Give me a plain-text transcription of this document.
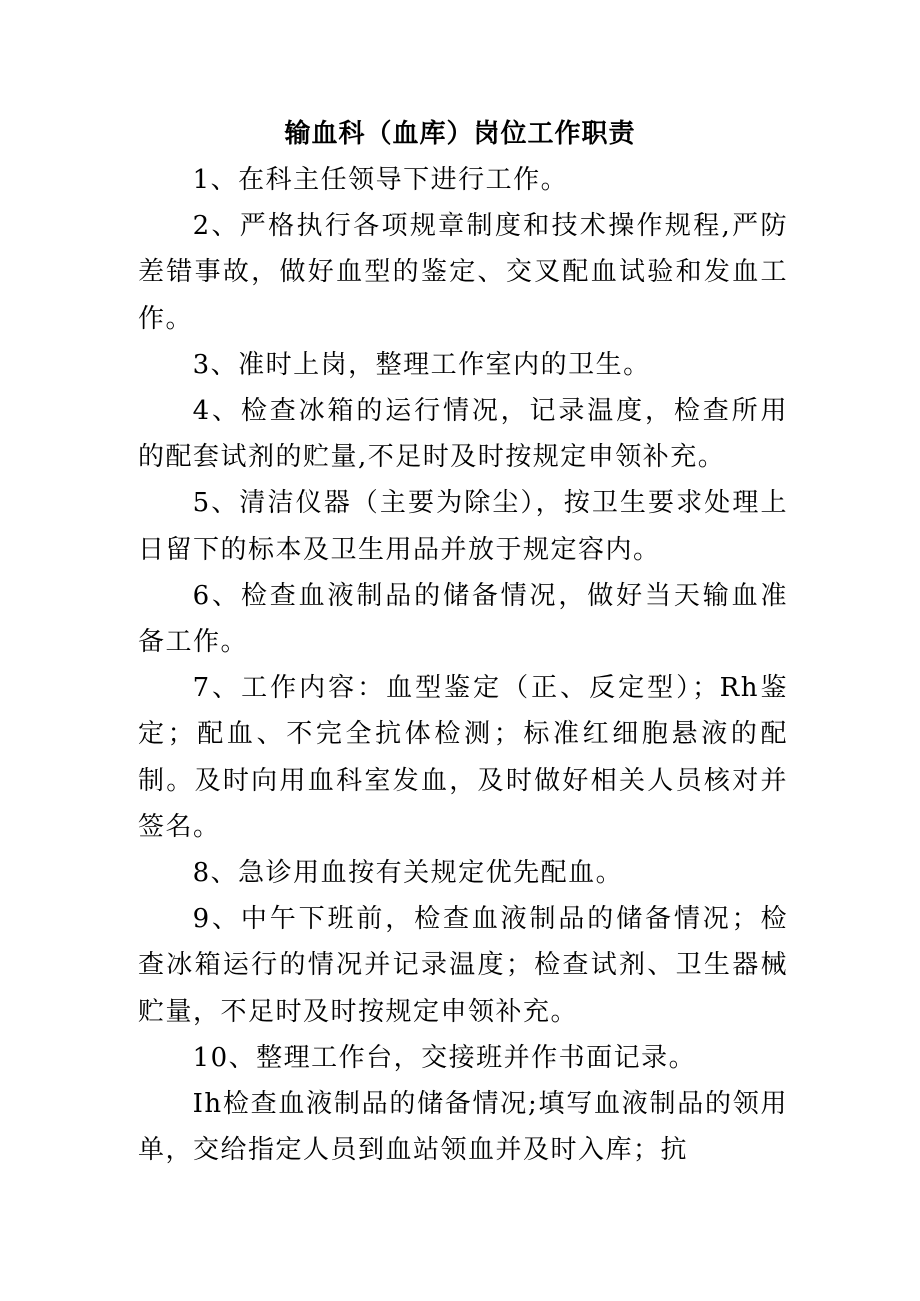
输血科（血库）岗位工作职责

1、在科主任领导下进行工作。

2、严格执行各项规章制度和技术操作规程,严防差错事故，做好血型的鉴定、交叉配血试验和发血工作。

3、准时上岗，整理工作室内的卫生。

4、检查冰箱的运行情况，记录温度，检查所用的配套试剂的贮量,不足时及时按规定申领补充。

5、清洁仪器（主要为除尘），按卫生要求处理上日留下的标本及卫生用品并放于规定容内。

6、检查血液制品的储备情况，做好当天输血准备工作。

7、工作内容：血型鉴定（正、反定型）；Rh鉴定；配血、不完全抗体检测；标准红细胞悬液的配制。及时向用血科室发血，及时做好相关人员核对并签名。

8、急诊用血按有关规定优先配血。

9、中午下班前，检查血液制品的储备情况；检查冰箱运行的情况并记录温度；检查试剂、卫生器械贮量，不足时及时按规定申领补充。

10、整理工作台，交接班并作书面记录。

Ih检查血液制品的储备情况;填写血液制品的领用单，交给指定人员到血站领血并及时入库；抗
